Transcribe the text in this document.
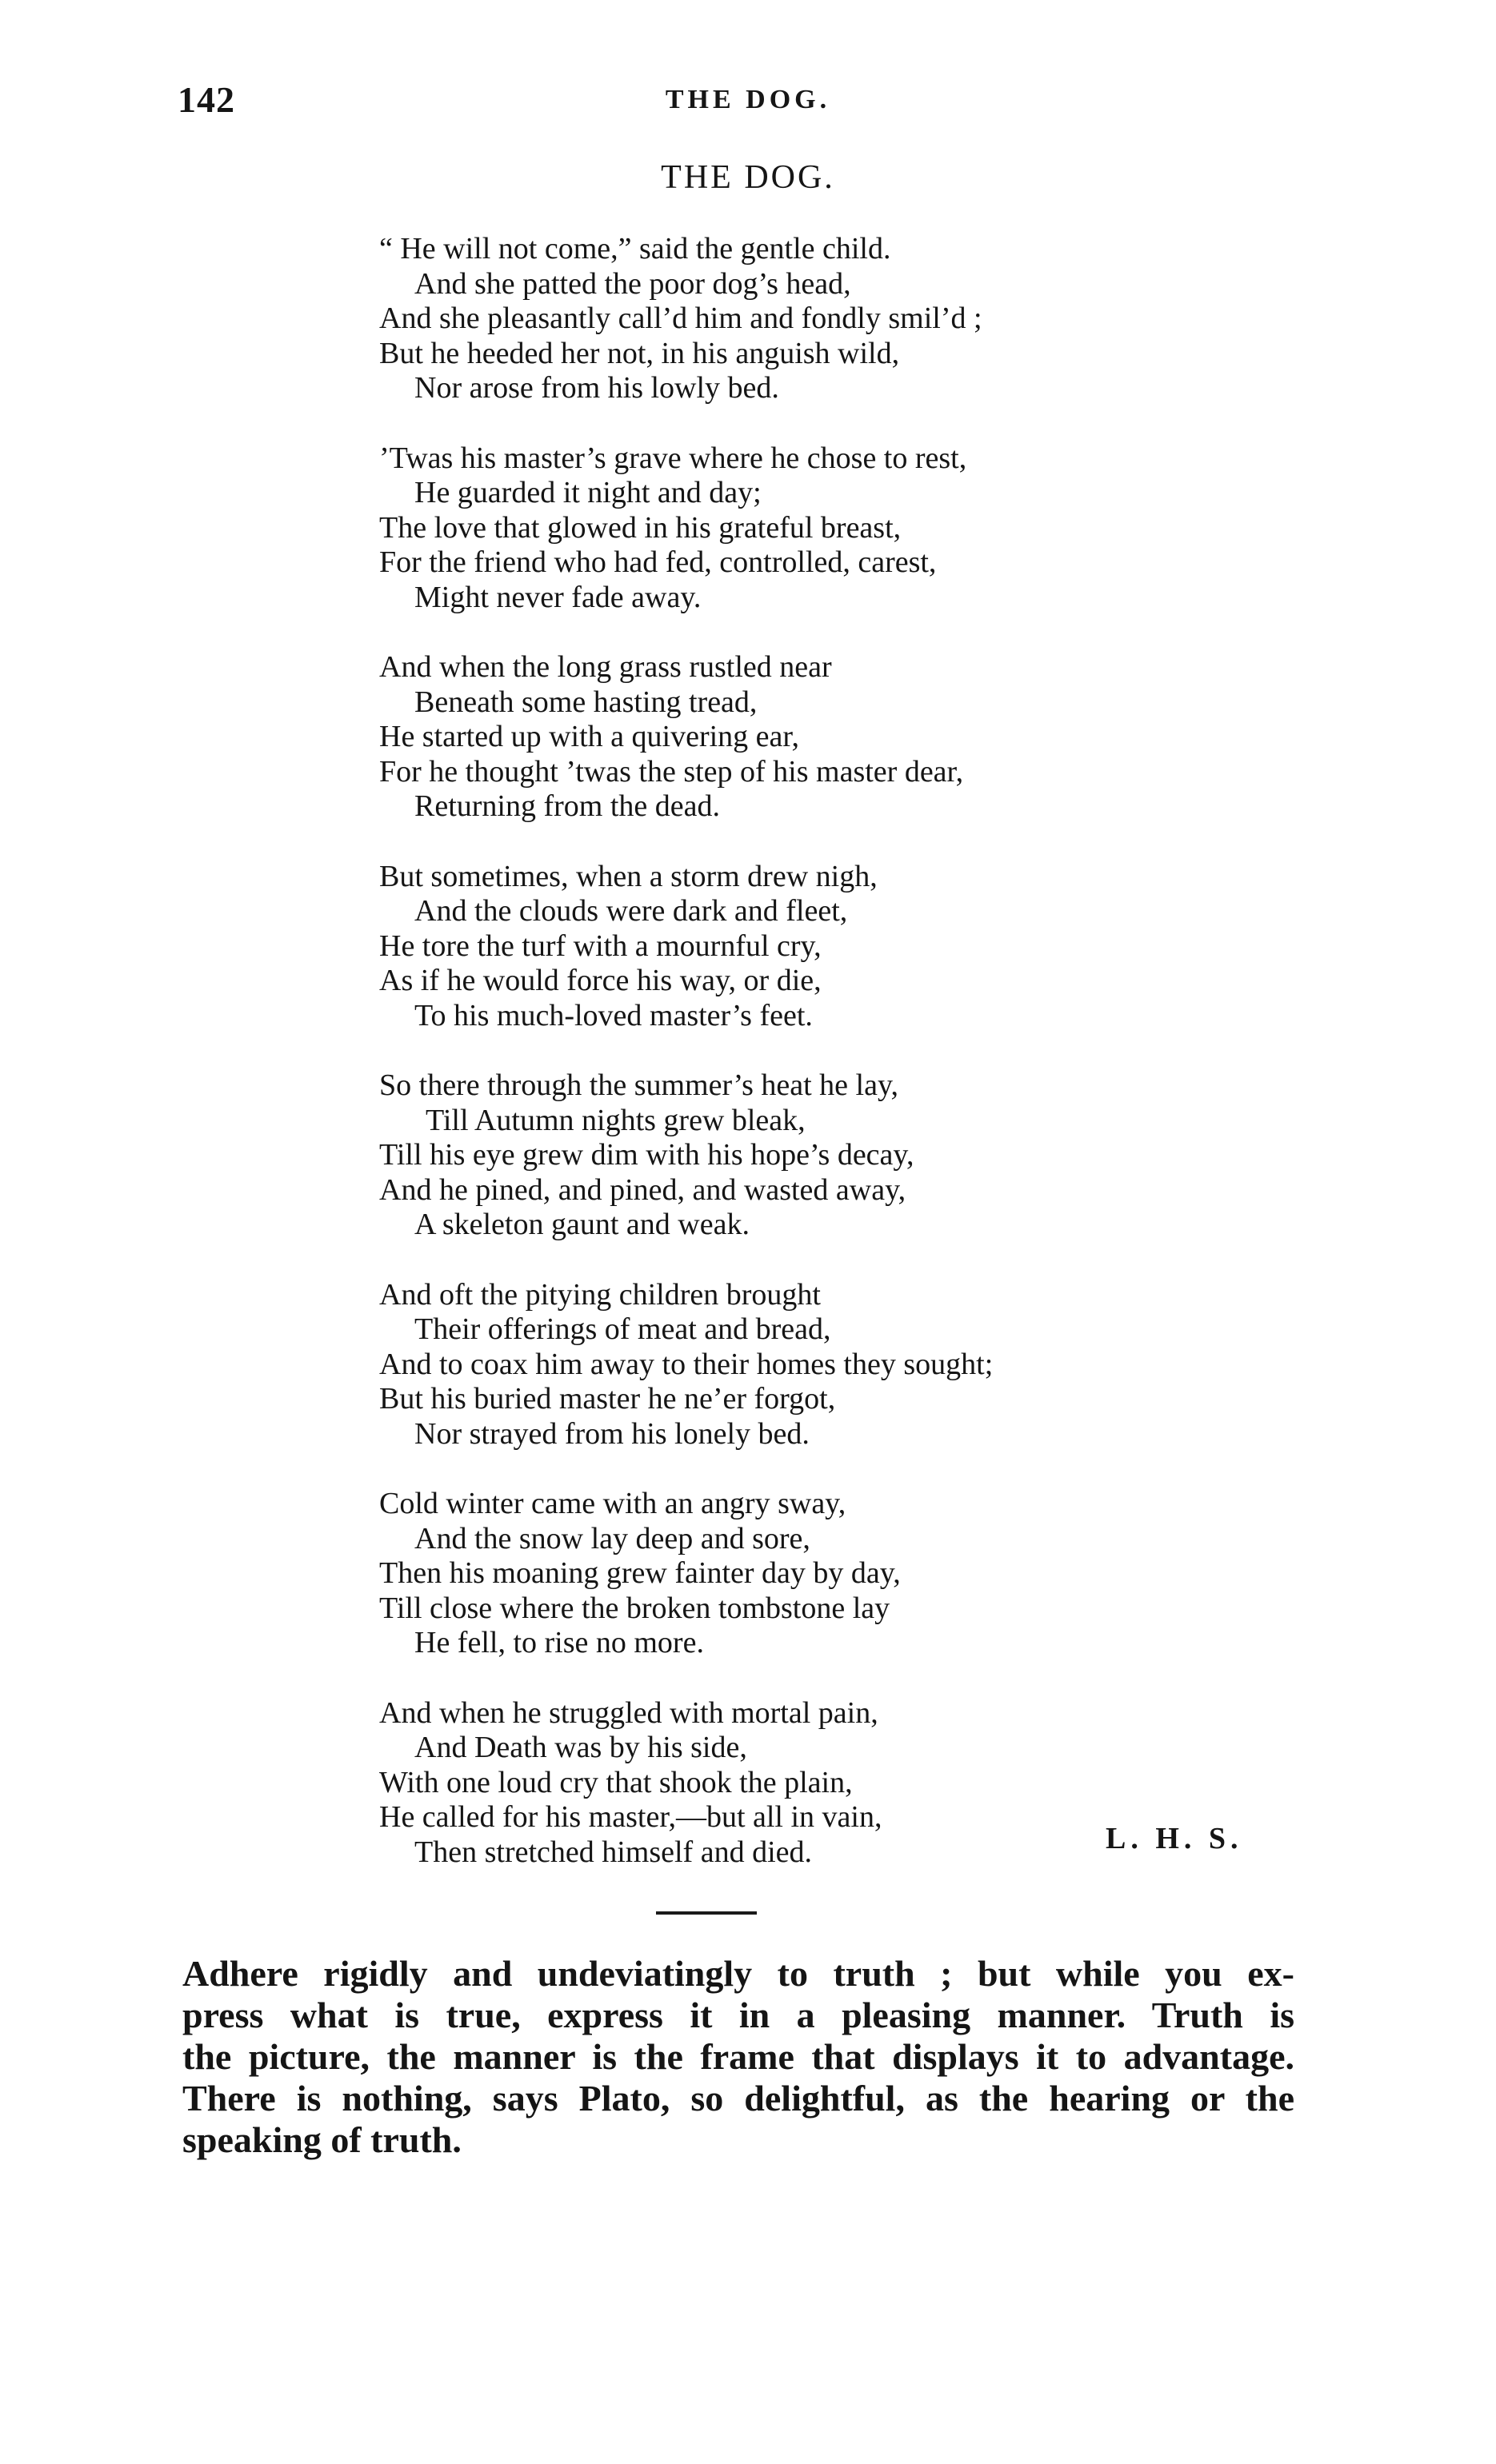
142	THE DOG.
THE DOG.
“ He will not come,” said the gentle child.
And she patted the poor dog’s head,
And she pleasantly call’d him and fondly smil’d ;
But he heeded her not, in his anguish wild,
Nor arose from his lowly bed.
’Twas his master’s grave where he chose to rest,
He guarded it night and day;
The love that glowed in his grateful breast,
For the friend who had fed, controlled, carest,
Might never fade away.
And when the long grass rustled near
Beneath some hasting tread,
He started up with a quivering ear,
For he thought ’twas the step of his master dear,
Returning from the dead.
But sometimes, when a storm drew nigh,
And the clouds were dark and fleet,
He tore the turf with a mournful cry,
As if he would force his way, or die,
To his much-loved master’s feet.
So there through the summer’s heat he lay,
Till Autumn nights grew bleak,
Till his eye grew dim with his hope’s decay,
And he pined, and pined, and wasted away,
A skeleton gaunt and weak.
And oft the pitying children brought
Their offerings of meat and bread,
And to coax him away to their homes they sought;
But his buried master he ne’er forgot,
Nor strayed from his lonely bed.
Cold winter came with an angry sway,
And the snow lay deep and sore,
Then his moaning grew fainter day by day,
Till close where the broken tombstone lay
He fell, to rise no more.
And when he struggled with mortal pain,
And Death was by his side,
With one loud cry that shook the plain,
He called for his master,—but all in vain,
Then stretched himself and died.	L. H. S.
Adhere rigidly and undeviatingly to truth ; but while you ex-
press what is true, express it in a pleasing manner. Truth is
the picture, the manner is the frame that displays it to advantage.
There is nothing, says Plato, so delightful, as the hearing or the
speaking of truth.
